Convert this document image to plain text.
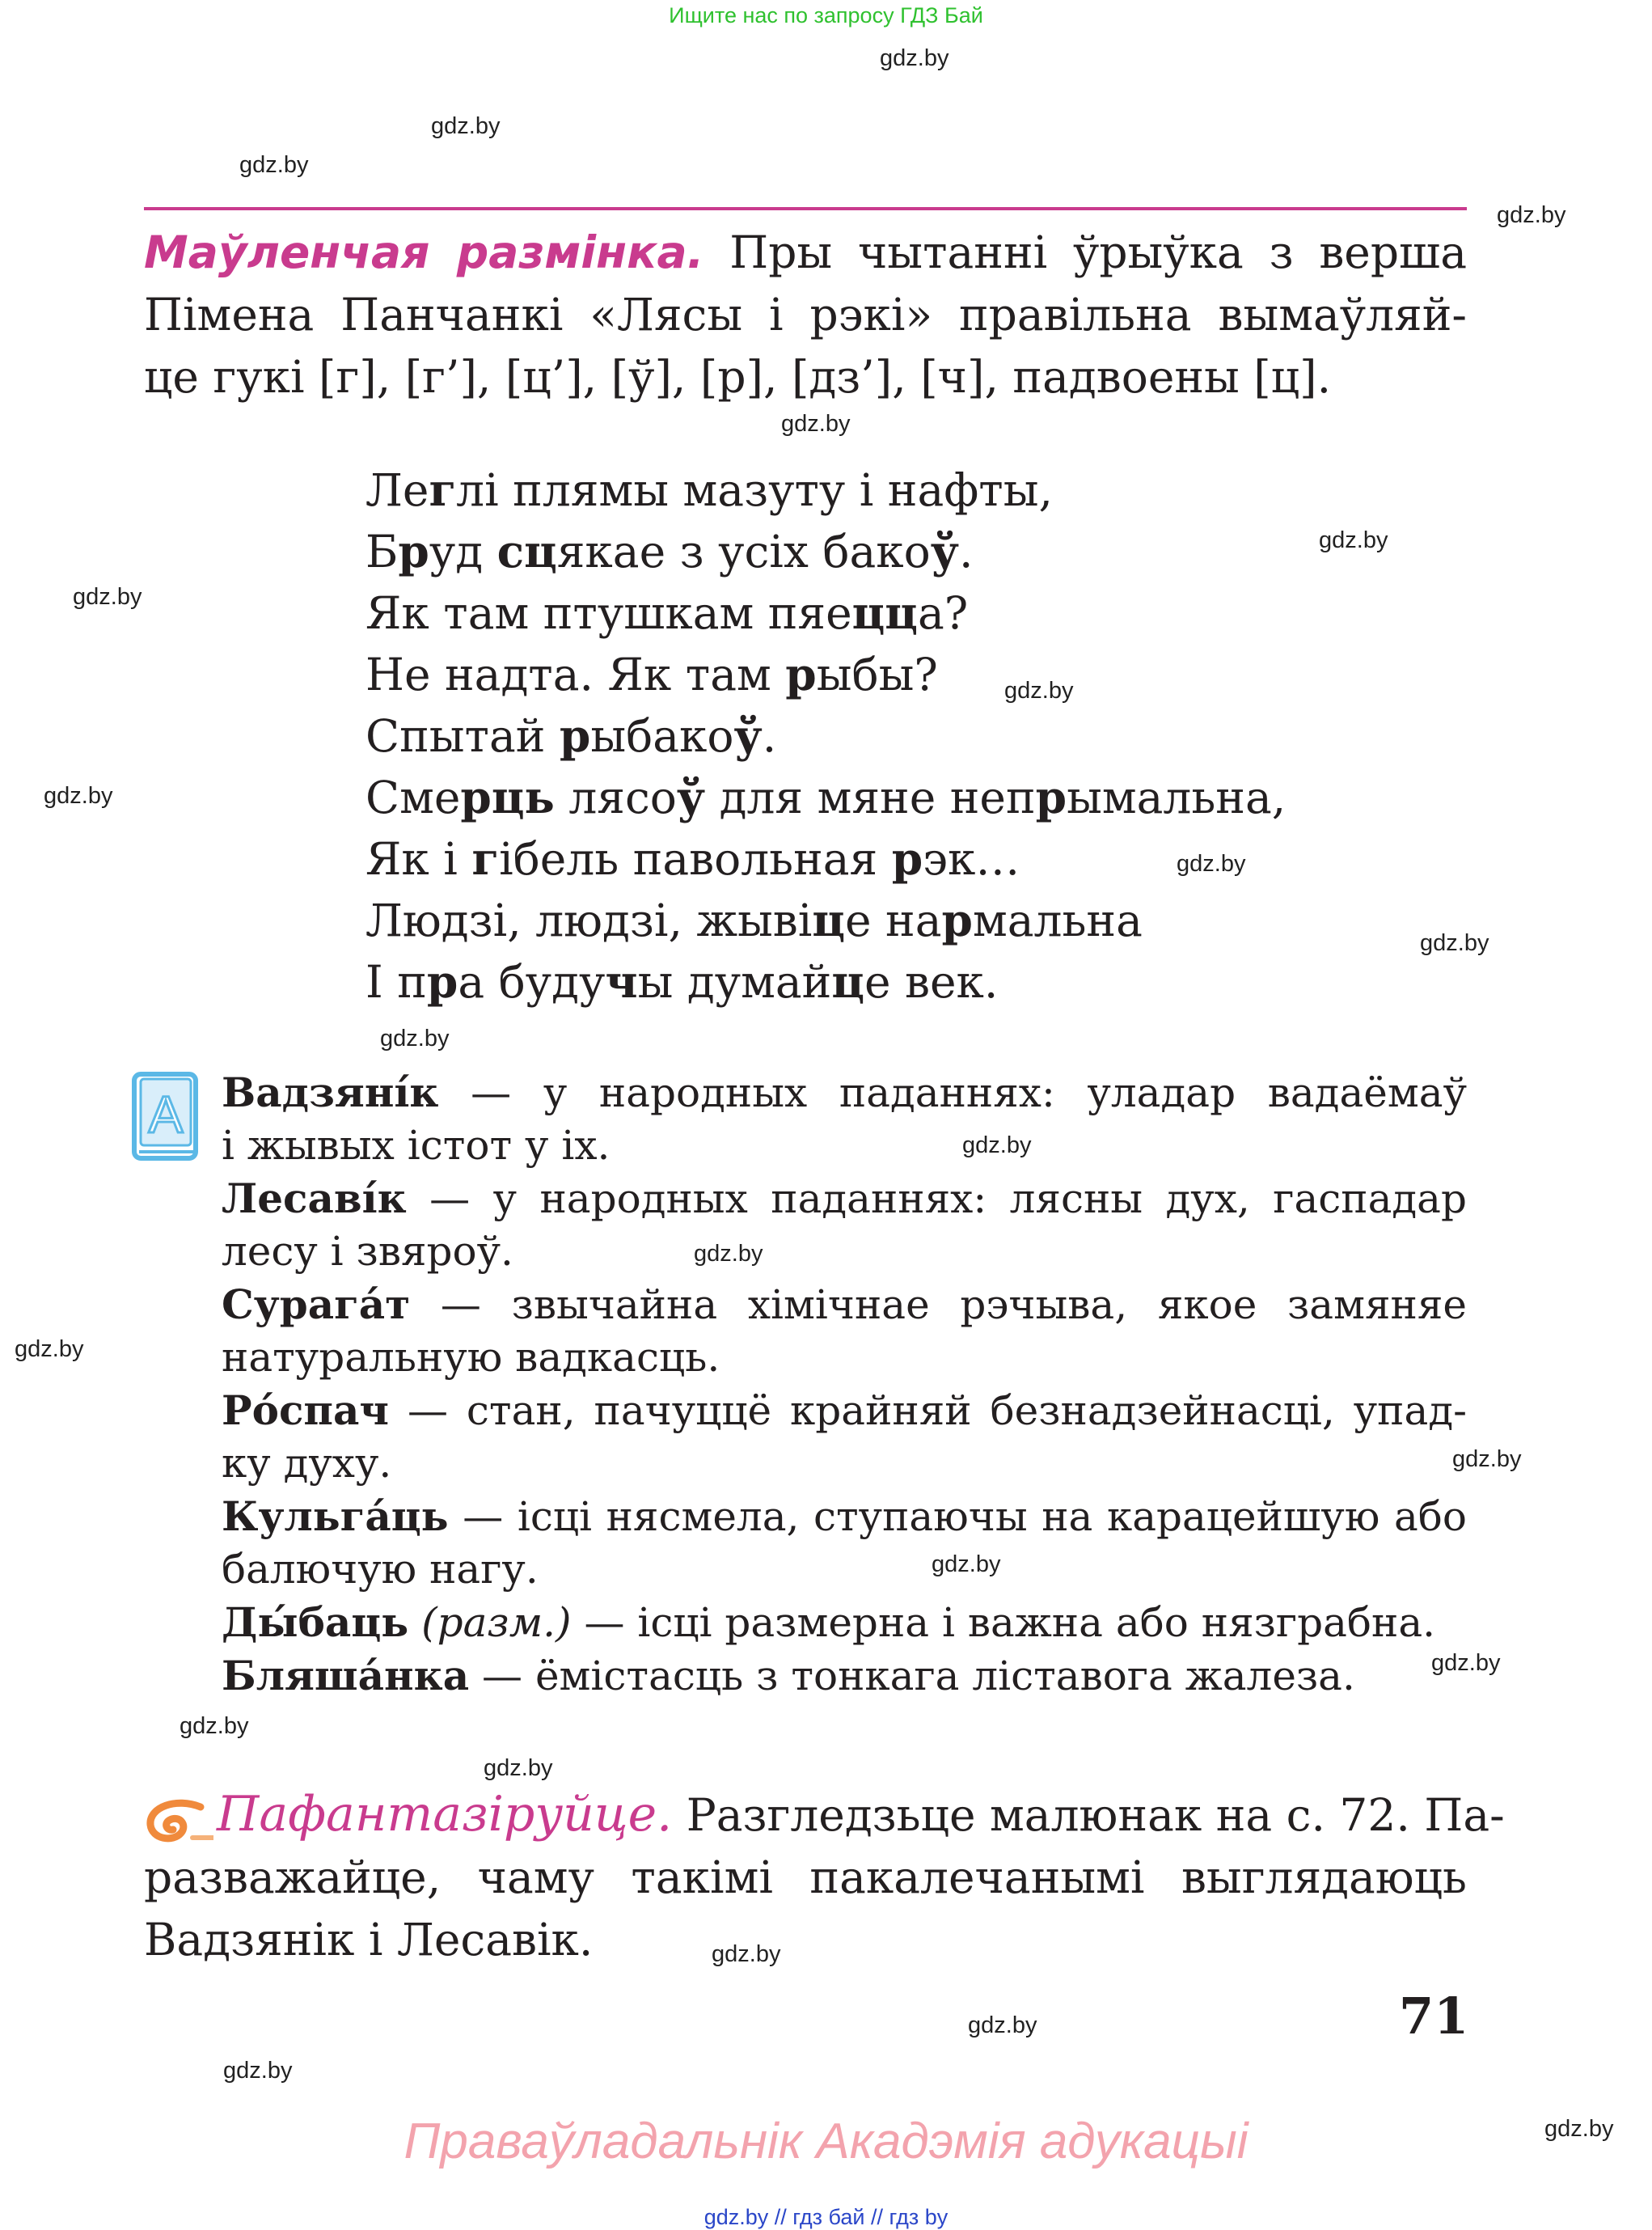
Ищите нас по запросу ГДЗ Бай
gdz.by
gdz.by
gdz.by
gdz.by
gdz.by
gdz.by
gdz.by
gdz.by
gdz.by
gdz.by
gdz.by
gdz.by
gdz.by
gdz.by
gdz.by
gdz.by
gdz.by
gdz.by
gdz.by
gdz.by
gdz.by
gdz.by
gdz.by
gdz.by
Маўленчая размінка. Пры чытанні ўрыўка з верша
Пімена Панчанкі «Лясы і рэкі» правільна вымаўляй-
це гукі [г], [г’], [ц’], [ў], [р], [дз’], [ч], падвоены [ц].
Леглі плямы мазуту і нафты,
Бруд сцякае з усіх бакоў.
Як там птушкам пяецца?
Не надта. Як там рыбы?
Спытай рыбакоў.
Смерць лясоў для мяне непрымальна,
Як і гібель павольная рэк…
Людзі, людзі, жывіце нармальна
І пра будучы думайце век.
А Вадзяні́к — у народных паданнях: уладар вадаёмаў
і жывых істот у іх.
Лесаві́к — у народных паданнях: лясны дух, гаспадар
лесу і звяроў.
Сурага́т — звычайна хімічнае рэчыва, якое замяняе
натуральную вадкасць.
Ро́спач — стан, пачуццё крайняй безнадзейнасці, упад-
ку духу.
Кульга́ць — ісці нясмела, ступаючы на карацейшую або
балючую нагу.
Ды́баць (разм.) — ісці размерна і важна або нязграбна.
Бляша́нка — ёмістасць з тонкага ліставога жалеза.
Пафантазіруйце. Разгледзьце малюнак на с. 72. Па-
разважайце, чаму такімі пакалечанымі выглядаюць
Вадзянік і Лесавік.
71
Праваўладальнік Акадэмія адукацыі
gdz.by // гдз бай // гдз by
